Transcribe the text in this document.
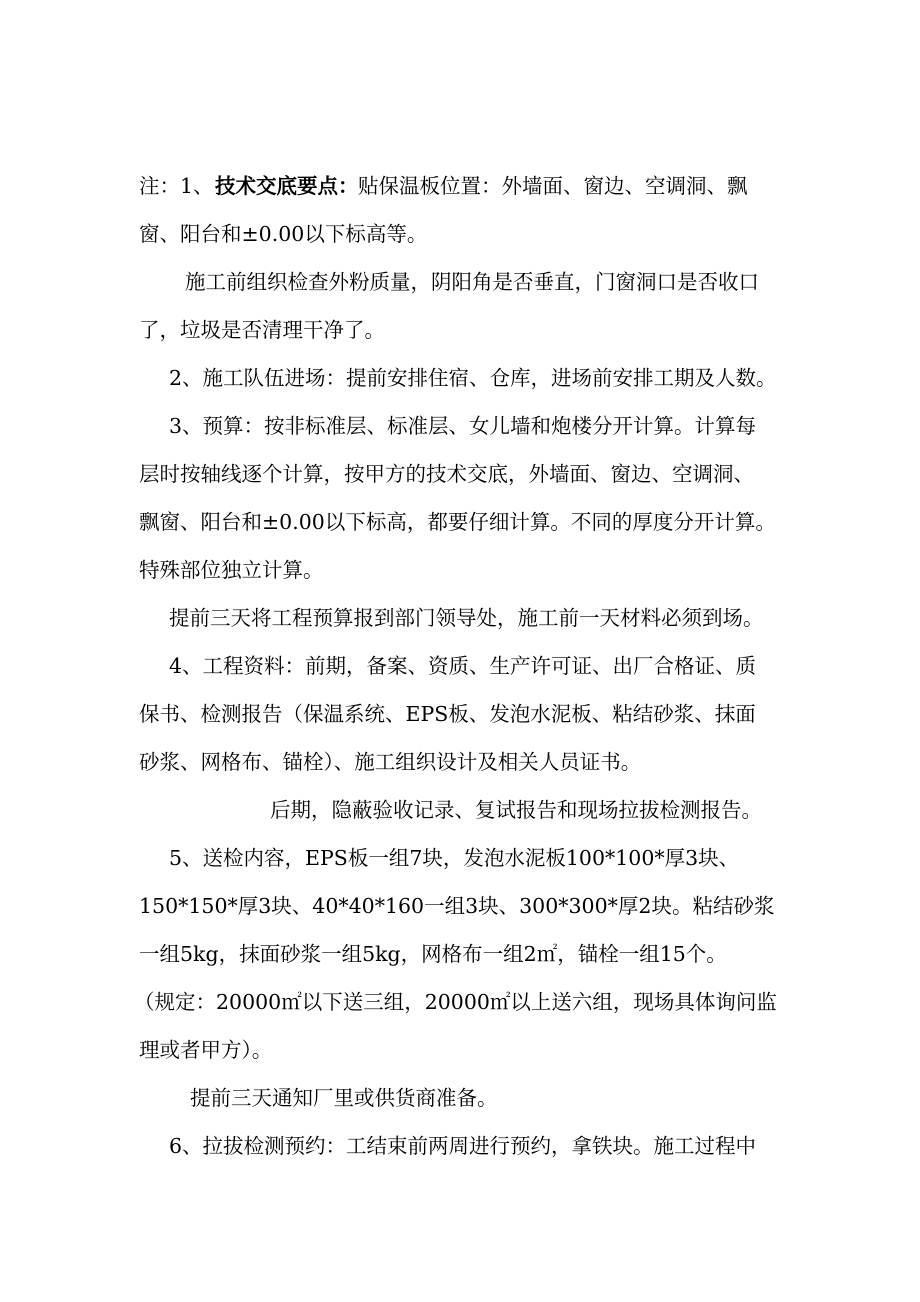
注：1、 技术交底要点： 贴保温板位置：外墙面、窗边、空调洞、飘
窗、阳台和±0.00以下标高等。
施工前组织检查外粉质量，阴阳角是否垂直，门窗洞口是否收口
了，垃圾是否清理干净了。
2、施工队伍进场：提前安排住宿、仓库，进场前安排工期及人数。
3、预算：按非标准层、标准层、女儿墙和炮楼分开计算。计算每
层时按轴线逐个计算，按甲方的技术交底，外墙面、窗边、空调洞、
飘窗、阳台和±0.00以下标高，都要仔细计算。不同的厚度分开计算。
特殊部位独立计算。
提前三天将工程预算报到部门领导处，施工前一天材料必须到场。
4、工程资料：前期，备案、资质、生产许可证、出厂合格证、质
保书、检测报告（保温系统、EPS板、发泡水泥板、粘结砂浆、抹面
砂浆、网格布、锚栓）、施工组织设计及相关人员证书。
后期，隐蔽验收记录、复试报告和现场拉拔检测报告。
5、送检内容，EPS板一组7块，发泡水泥板100*100*厚3块、
150*150*厚3块、40*40*160一组3块、300*300*厚2块。粘结砂浆
一组5kg，抹面砂浆一组5kg，网格布一组2㎡，锚栓一组15个。
（规定：20000㎡以下送三组，20000㎡以上送六组，现场具体询问监
理或者甲方）。
提前三天通知厂里或供货商准备。
6、拉拔检测预约：工结束前两周进行预约，拿铁块。施工过程中
